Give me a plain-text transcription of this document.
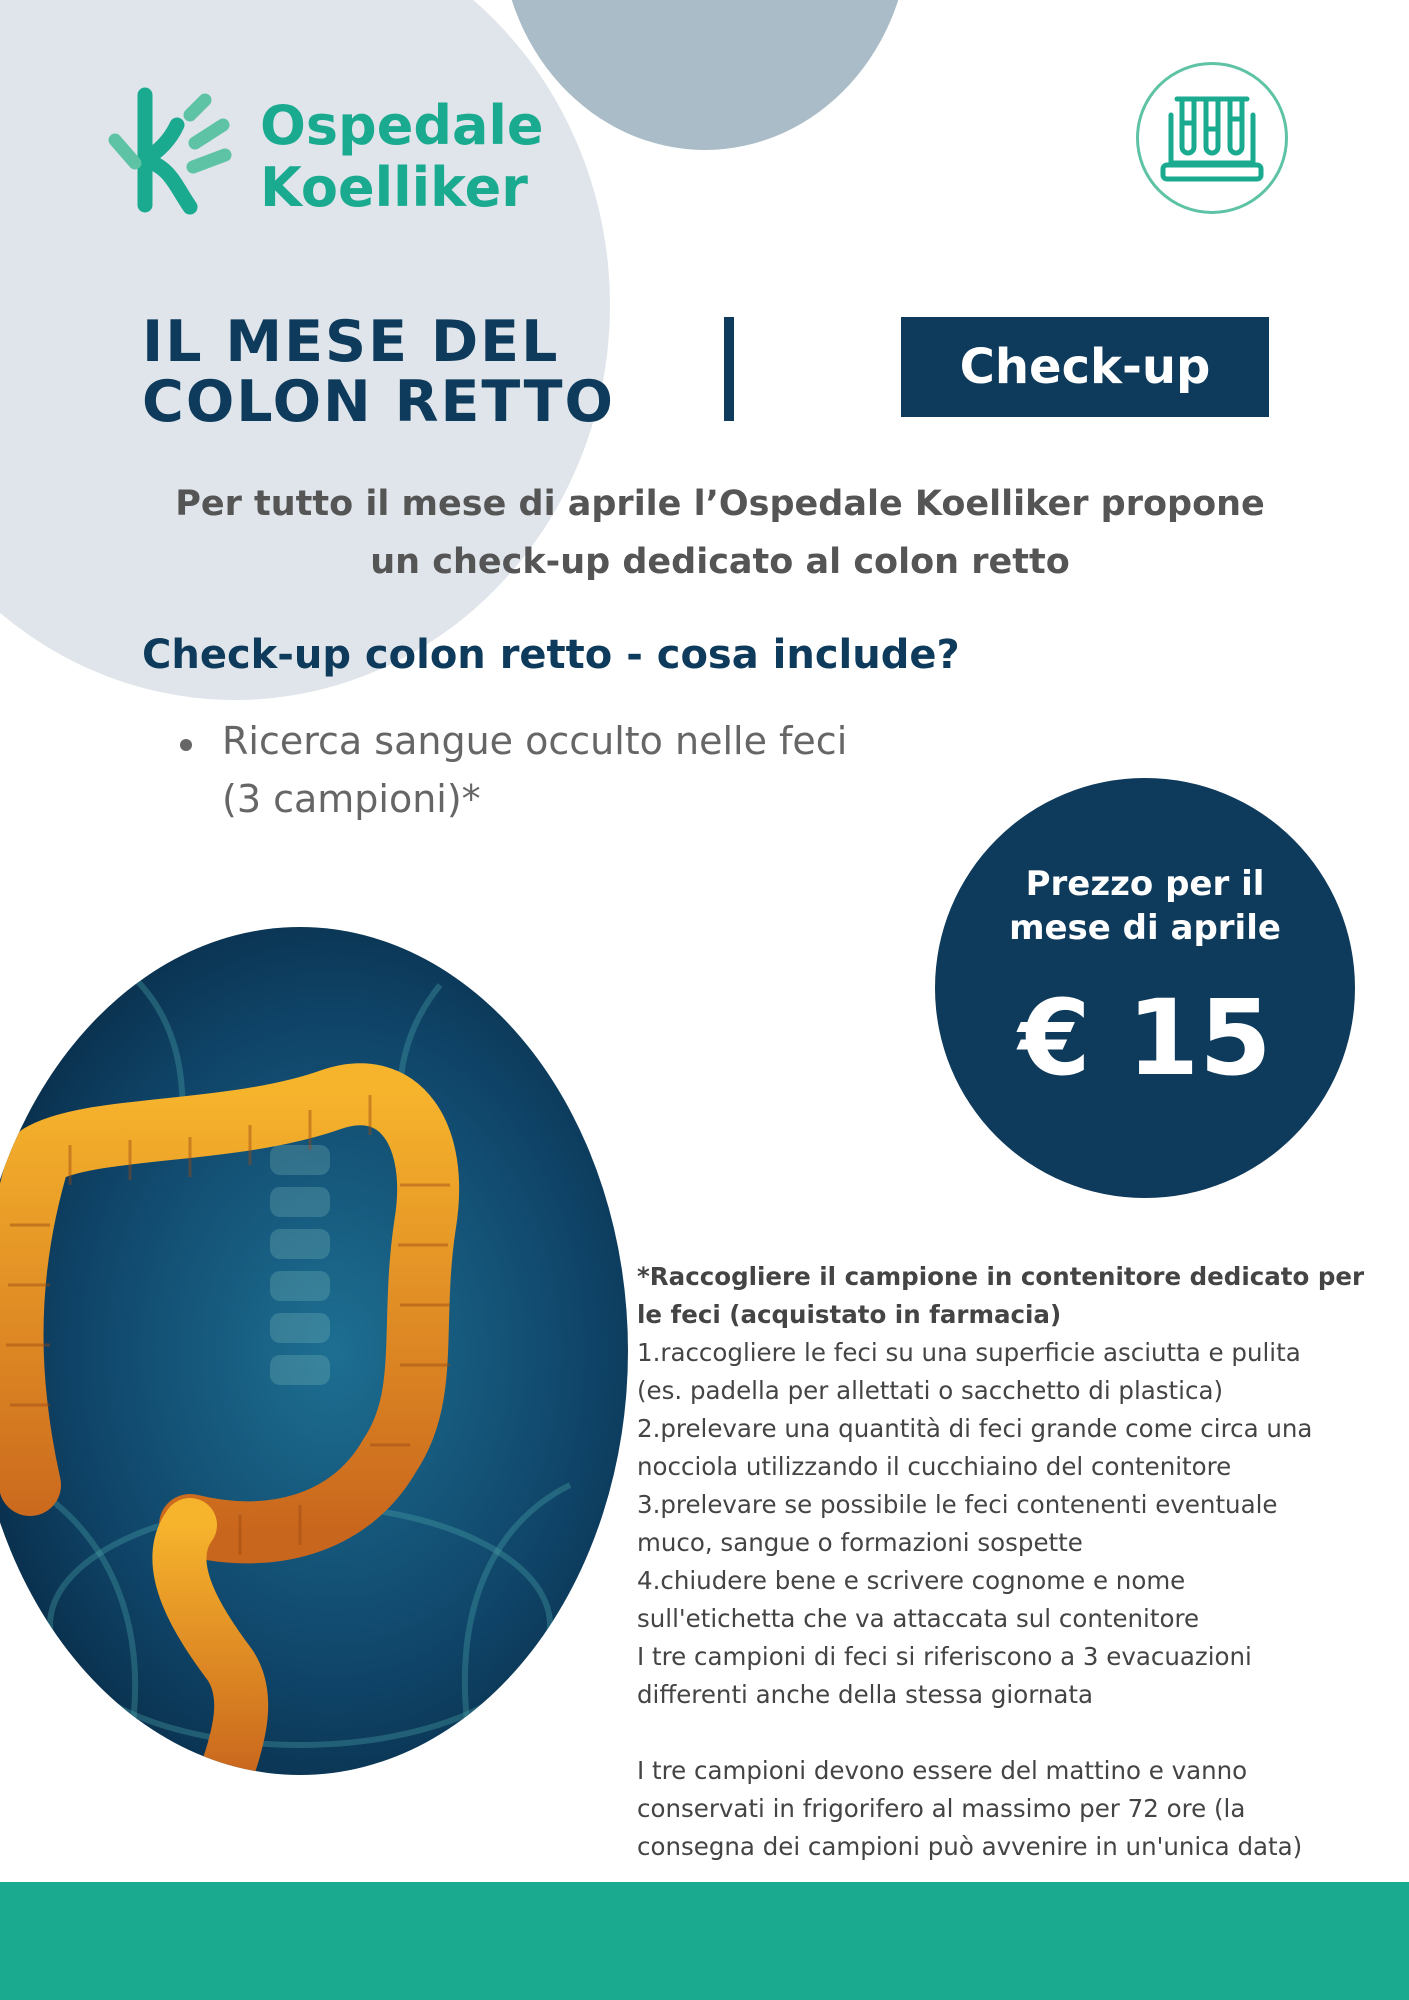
Ospedale
Koelliker
IL MESE DEL
COLON RETTO
Check-up
Per tutto il mese di aprile l’Ospedale Koelliker propone
un check-up dedicato al colon retto
Check-up colon retto - cosa include?
Ricerca sangue occulto nelle feci
(3 campioni)*
Prezzo per il
mese di aprile
€ 15
*Raccogliere il campione in contenitore dedicato per
le feci (acquistato in farmacia)
1.raccogliere le feci su una superficie asciutta e pulita
(es. padella per allettati o sacchetto di plastica)
2.prelevare una quantità di feci grande come circa una
nocciola utilizzando il cucchiaino del contenitore
3.prelevare se possibile le feci contenenti eventuale
muco, sangue o formazioni sospette
4.chiudere bene e scrivere cognome e nome
sull'etichetta che va attaccata sul contenitore
I tre campioni di feci si riferiscono a 3 evacuazioni
differenti anche della stessa giornata
I tre campioni devono essere del mattino e vanno
conservati in frigorifero al massimo per 72 ore (la
consegna dei campioni può avvenire in un'unica data)
